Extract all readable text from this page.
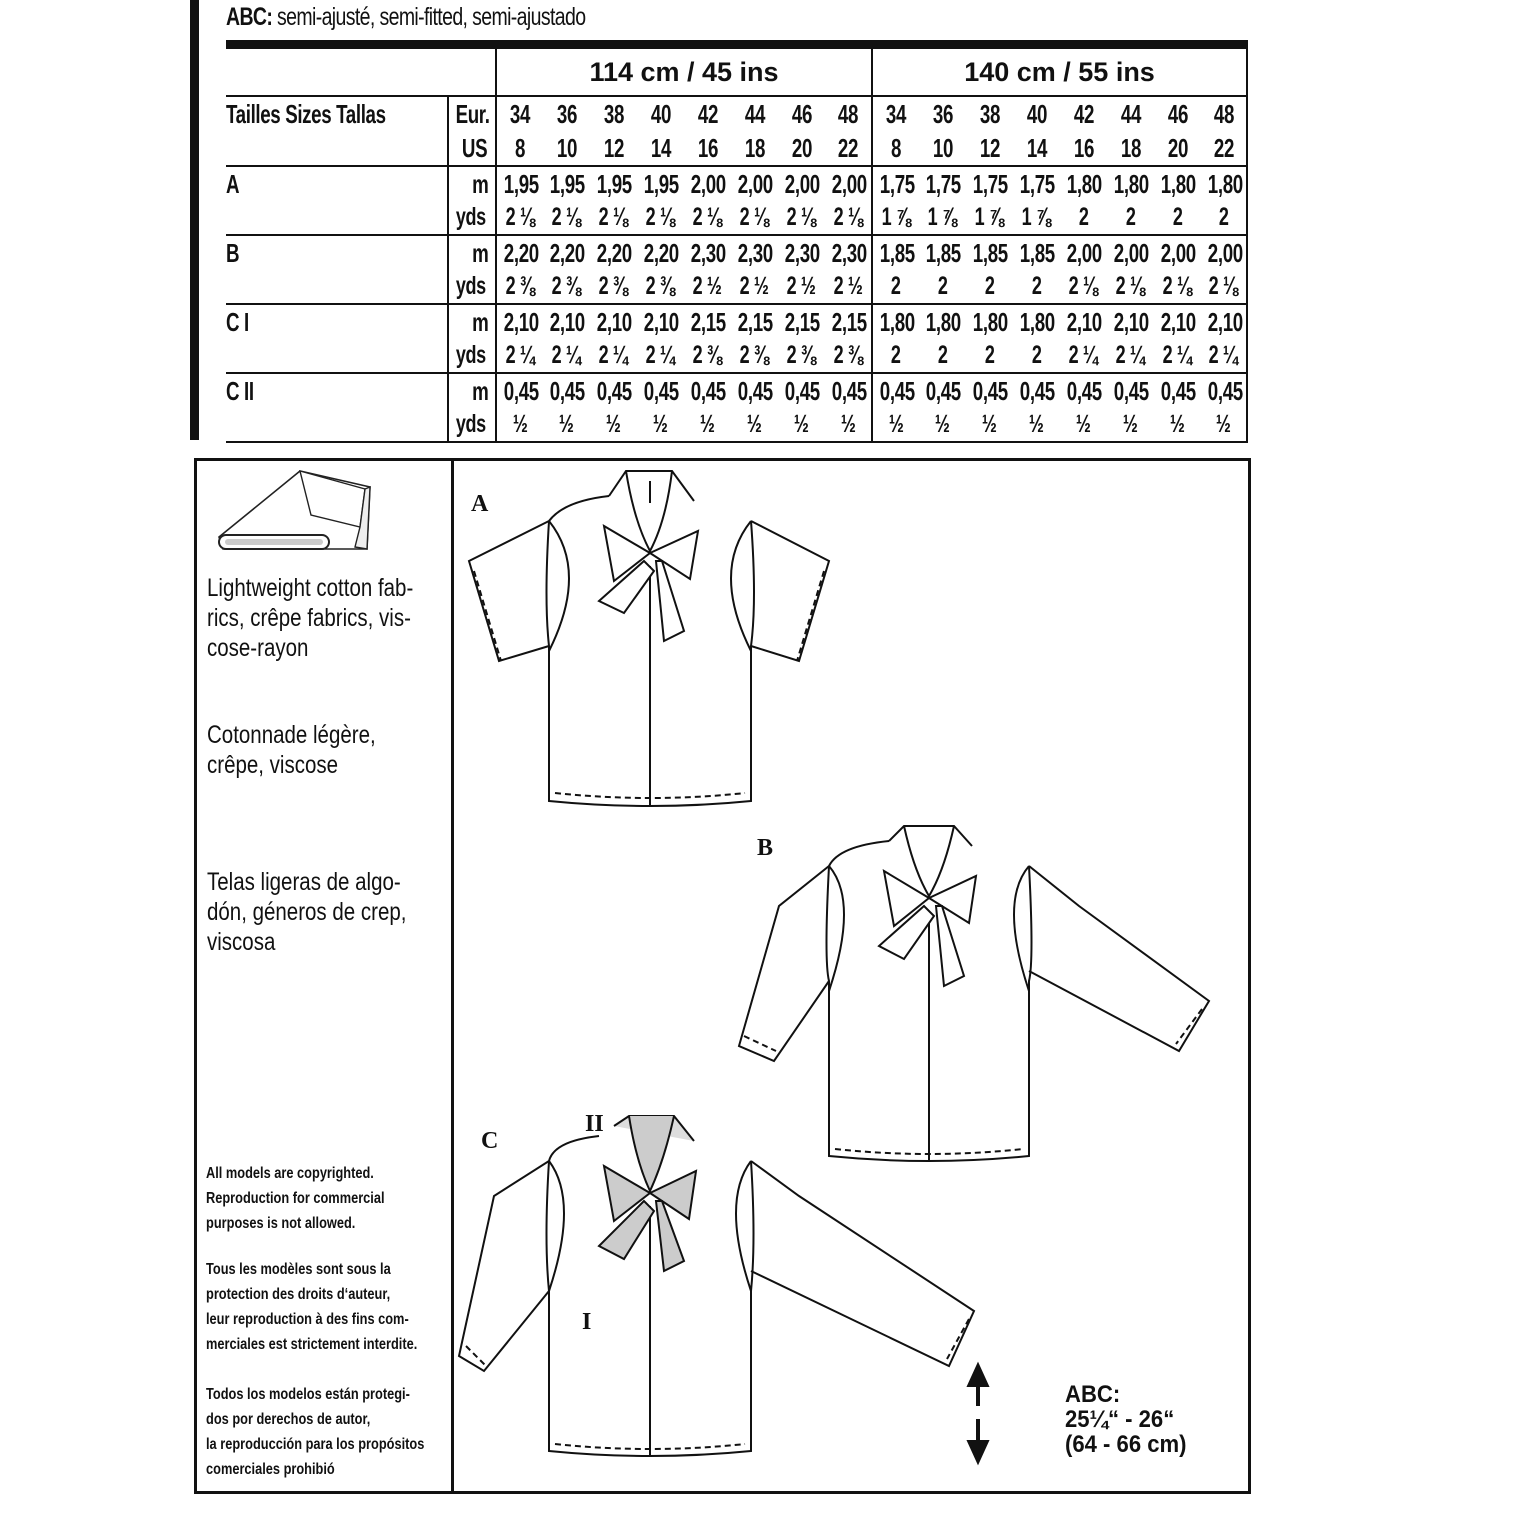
ABC: semi-ajusté, semi-fitted, semi-ajustado
		114 cm / 45 ins								140 cm / 55 ins							
Tailles Sizes Tallas	Eur.	34	36	38	40	42	44	46	48	34	36	38	40	42	44	46	48
	US	8	10	12	14	16	18	20	22	8	10	12	14	16	18	20	22
A	m	1,95	1,95	1,95	1,95	2,00	2,00	2,00	2,00	1,75	1,75	1,75	1,75	1,80	1,80	1,80	1,80
	yds	2 ⅛	2 ⅛	2 ⅛	2 ⅛	2 ⅛	2 ⅛	2 ⅛	2 ⅛	1 ⅞	1 ⅞	1 ⅞	1 ⅞	2	2	2	2
B	m	2,20	2,20	2,20	2,20	2,30	2,30	2,30	2,30	1,85	1,85	1,85	1,85	2,00	2,00	2,00	2,00
	yds	2 ⅜	2 ⅜	2 ⅜	2 ⅜	2 ½	2 ½	2 ½	2 ½	2	2	2	2	2 ⅛	2 ⅛	2 ⅛	2 ⅛
C I	m	2,10	2,10	2,10	2,10	2,15	2,15	2,15	2,15	1,80	1,80	1,80	1,80	2,10	2,10	2,10	2,10
	yds	2 ¼	2 ¼	2 ¼	2 ¼	2 ⅜	2 ⅜	2 ⅜	2 ⅜	2	2	2	2	2 ¼	2 ¼	2 ¼	2 ¼
C II	m	0,45	0,45	0,45	0,45	0,45	0,45	0,45	0,45	0,45	0,45	0,45	0,45	0,45	0,45	0,45	0,45
	yds	½	½	½	½	½	½	½	½	½	½	½	½	½	½	½	½
Lightweight cotton fab-
rics, crêpe fabrics, vis-
cose-rayon
Cotonnade légère,
crêpe, viscose
Telas ligeras de algo-
dón, géneros de crep,
viscosa
All models are copyrighted.
Reproduction for commercial
purposes is not allowed.
Tous les modèles sont sous la
protection des droits d‘auteur,
leur reproduction à des fins com-
merciales est strictement interdite.
Todos los modelos están protegi-
dos por derechos de autor,
la reproducción para los propósitos
comerciales prohibió
A
B
C
II
I
ABC:
25¼“ - 26“
(64 - 66 cm)
